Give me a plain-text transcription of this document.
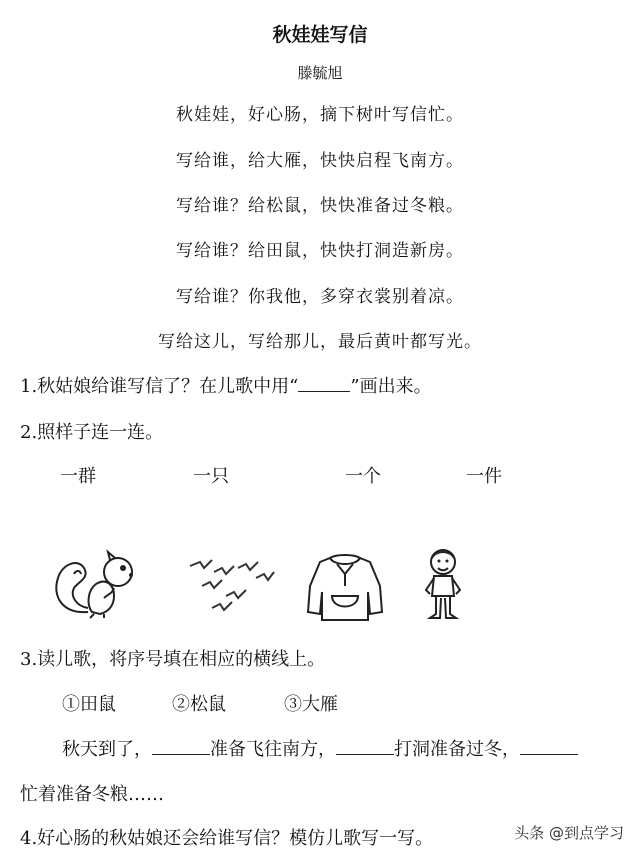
秋娃娃写信
滕毓旭
秋娃娃，好心肠，摘下树叶写信忙。
写给谁，给大雁，快快启程飞南方。
写给谁？给松鼠，快快准备过冬粮。
写给谁？给田鼠，快快打洞造新房。
写给谁？你我他，多穿衣裳别着凉。
写给这儿，写给那儿，最后黄叶都写光。
1.秋姑娘给谁写信了？在儿歌中用“	”画出来。
2.照样子连一连。
一群	一只	一个	一件
3.读儿歌，将序号填在相应的横线上。
①田鼠	②松鼠	③大雁
秋天到了，	准备飞往南方，	打洞准备过冬，
忙着准备冬粮……
4.好心肠的秋姑娘还会给谁写信？模仿儿歌写一写。	头条 @到点学习
